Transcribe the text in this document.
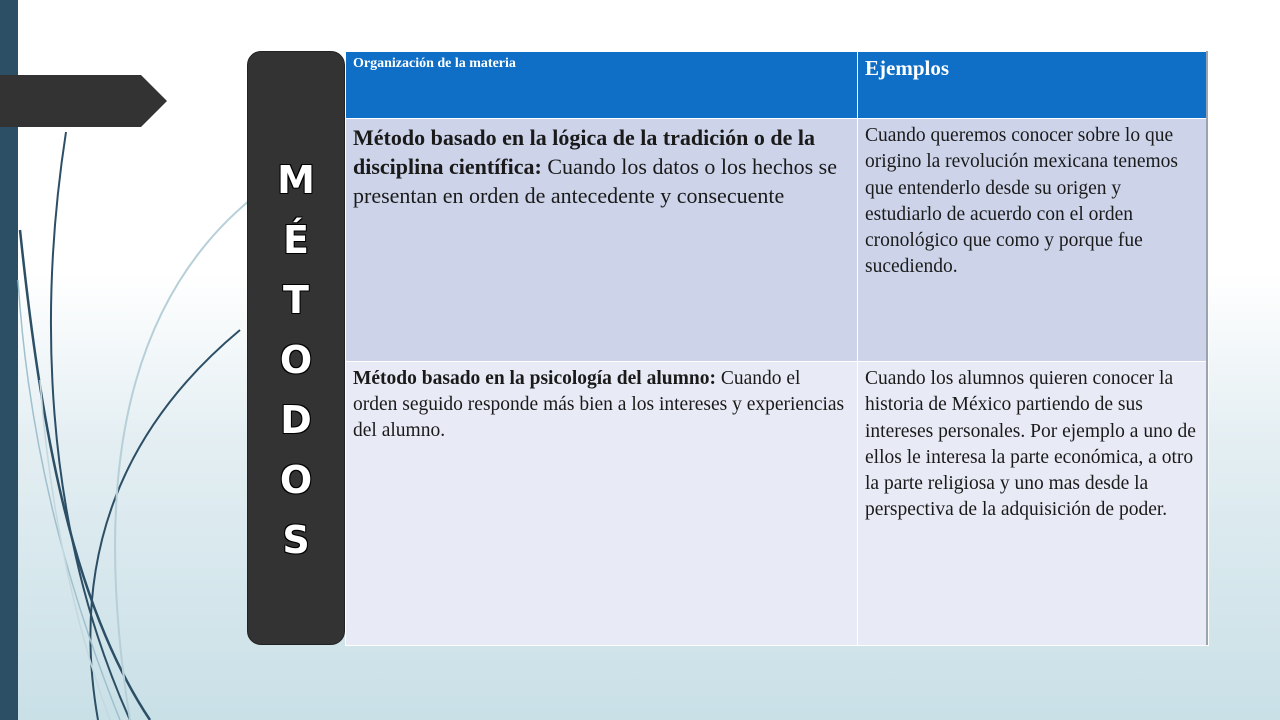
M
É
T
O
D
O
S
Organización de la materia	Ejemplos
Método basado en la lógica de la tradición o de la disciplina científica: Cuando los datos o los hechos se presentan en orden de antecedente y consecuente	Cuando queremos conocer sobre lo que origino la revolución mexicana tenemos que entenderlo desde su origen y estudiarlo de acuerdo con el orden cronológico que como y porque fue sucediendo.
Método basado en la psicología del alumno: Cuando el orden seguido responde más bien a los intereses y experiencias del alumno.	Cuando los alumnos quieren conocer la historia de México partiendo de sus intereses personales. Por ejemplo a uno de ellos le interesa la parte económica, a otro la parte religiosa y uno mas desde la perspectiva de la adquisición de poder.
